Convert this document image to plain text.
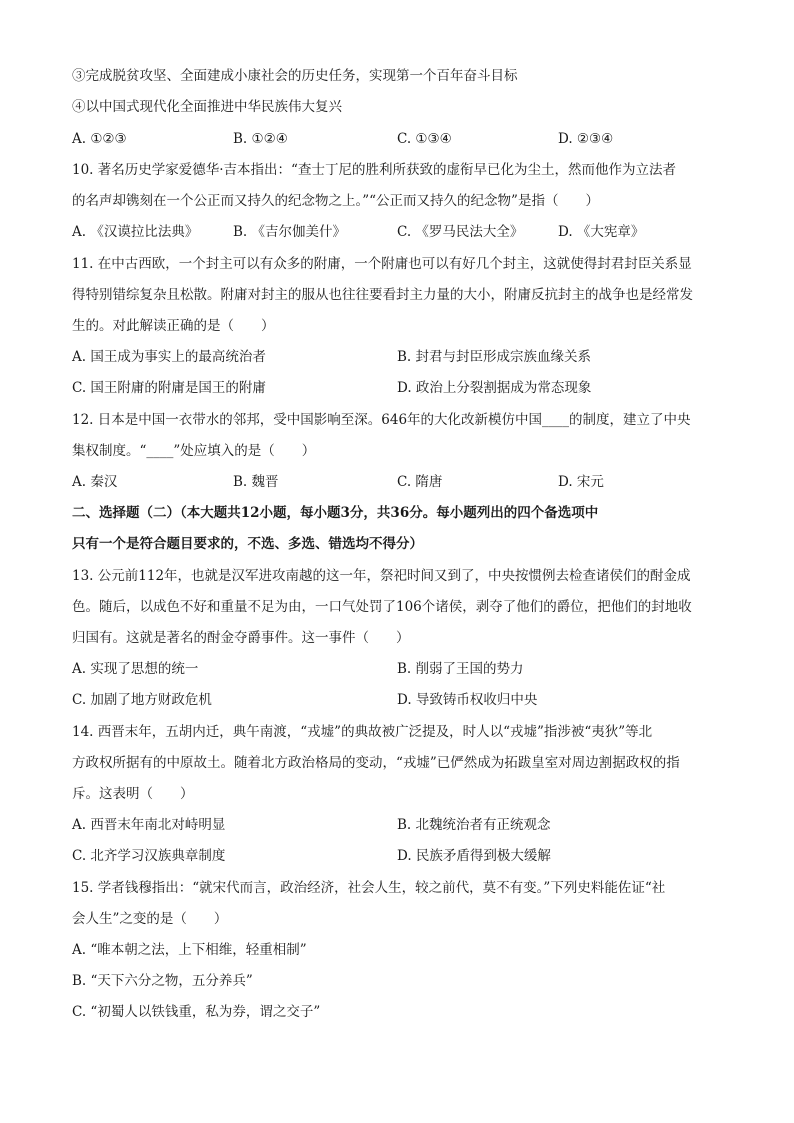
③完成脱贫攻坚、全面建成小康社会的历史任务，实现第一个百年奋斗目标
④以中国式现代化全面推进中华民族伟大复兴
A. ①②③	B. ①②④	C. ①③④	D. ②③④
10. 著名历史学家爱德华·吉本指出：“查士丁尼的胜利所获致的虚衔早已化为尘土，然而他作为立法者
的名声却镌刻在一个公正而又持久的纪念物之上。”“公正而又持久的纪念物”是指（　　）
A. 《汉谟拉比法典》	B. 《吉尔伽美什》	C. 《罗马民法大全》	D. 《大宪章》
11. 在中古西欧，一个封主可以有众多的附庸，一个附庸也可以有好几个封主，这就使得封君封臣关系显
得特别错综复杂且松散。附庸对封主的服从也往往要看封主力量的大小，附庸反抗封主的战争也是经常发
生的。对此解读正确的是（　　）
A. 国王成为事实上的最高统治者	B. 封君与封臣形成宗族血缘关系
C. 国王附庸的附庸是国王的附庸	D. 政治上分裂割据成为常态现象
12. 日本是中国一衣带水的邻邦，受中国影响至深。646年的大化改新模仿中国____的制度，建立了中央
集权制度。“____”处应填入的是（　　）
A. 秦汉	B. 魏晋	C. 隋唐	D. 宋元
二、选择题（二）（本大题共12小题，每小题3分，共36分。每小题列出的四个备选项中
只有一个是符合题目要求的，不选、多选、错选均不得分）
13. 公元前112年，也就是汉军进攻南越的这一年，祭祀时间又到了，中央按惯例去检查诸侯们的酎金成
色。随后，以成色不好和重量不足为由，一口气处罚了106个诸侯，剥夺了他们的爵位，把他们的封地收
归国有。这就是著名的酎金夺爵事件。这一事件（　　）
A. 实现了思想的统一	B. 削弱了王国的势力
C. 加剧了地方财政危机	D. 导致铸币权收归中央
14. 西晋末年，五胡内迁，典午南渡，“戎墟”的典故被广泛提及，时人以“戎墟”指涉被“夷狄”等北
方政权所据有的中原故土。随着北方政治格局的变动，“戎墟”已俨然成为拓跋皇室对周边割据政权的指
斥。这表明（　　）
A. 西晋末年南北对峙明显	B. 北魏统治者有正统观念
C. 北齐学习汉族典章制度	D. 民族矛盾得到极大缓解
15. 学者钱穆指出：“就宋代而言，政治经济，社会人生，较之前代，莫不有变。”下列史料能佐证“社
会人生”之变的是（　　）
A. “唯本朝之法，上下相维，轻重相制”
B. “天下六分之物，五分养兵”
C. “初蜀人以铁钱重，私为券，谓之交子”
